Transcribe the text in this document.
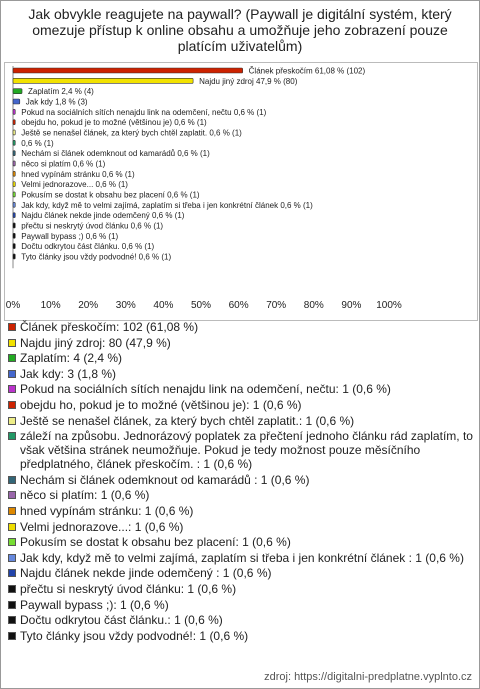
Jak obvykle reagujete na paywall? (Paywall je digitální systém, který omezuje přístup k online obsahu a umožňuje jeho zobrazení pouze platícím uživatelům)
Článek přeskočím 61,08 % (102)
Najdu jiný zdroj 47,9 % (80)
Zaplatím 2,4 % (4)
Jak kdy 1,8 % (3)
Pokud na sociálních sítích nenajdu link na odemčení, nečtu 0,6 % (1)
obejdu ho, pokud je to možné (většinou je) 0,6 % (1)
Ještě se nenašel článek, za který bych chtěl zaplatit. 0,6 % (1)
0,6 % (1)
Nechám si článek odemknout od kamarádů 0,6 % (1)
něco si platím 0,6 % (1)
hned vypínám stránku 0,6 % (1)
Velmi jednorazove... 0,6 % (1)
Pokusím se dostat k obsahu bez placení 0,6 % (1)
Jak kdy, když mě to velmi zajímá, zaplatím si třeba i jen konkrétní článek 0,6 % (1)
Najdu článek nekde jinde odemčený 0,6 % (1)
přečtu si neskrytý úvod článku 0,6 % (1)
Paywall bypass ;) 0,6 % (1)
Dočtu odkrytou část článku. 0,6 % (1)
Tyto články jsou vždy podvodné! 0,6 % (1)
0% 10% 20% 30% 40% 50% 60% 70% 80% 90% 100%
Článek přeskočím: 102 (61,08 %)
Najdu jiný zdroj: 80 (47,9 %)
Zaplatím: 4 (2,4 %)
Jak kdy: 3 (1,8 %)
Pokud na sociálních sítích nenajdu link na odemčení, nečtu: 1 (0,6 %)
obejdu ho, pokud je to možné (většinou je): 1 (0,6 %)
Ještě se nenašel článek, za který bych chtěl zaplatit.: 1 (0,6 %)
záleží na způsobu. Jednorázový poplatek za přečtení jednoho článku rád zaplatím, to však většina stránek neumožňuje. Pokud je tedy možnost pouze měsíčního předplatného, článek přeskočím. : 1 (0,6 %)
Nechám si článek odemknout od kamarádů : 1 (0,6 %)
něco si platím: 1 (0,6 %)
hned vypínám stránku: 1 (0,6 %)
Velmi jednorazove...: 1 (0,6 %)
Pokusím se dostat k obsahu bez placení: 1 (0,6 %)
Jak kdy, když mě to velmi zajímá, zaplatím si třeba i jen konkrétní článek : 1 (0,6 %)
Najdu článek nekde jinde odemčený : 1 (0,6 %)
přečtu si neskrytý úvod článku: 1 (0,6 %)
Paywall bypass ;): 1 (0,6 %)
Dočtu odkrytou část článku.: 1 (0,6 %)
Tyto články jsou vždy podvodné!: 1 (0,6 %)
zdroj: https://digitalni-predplatne.vyplnto.cz
